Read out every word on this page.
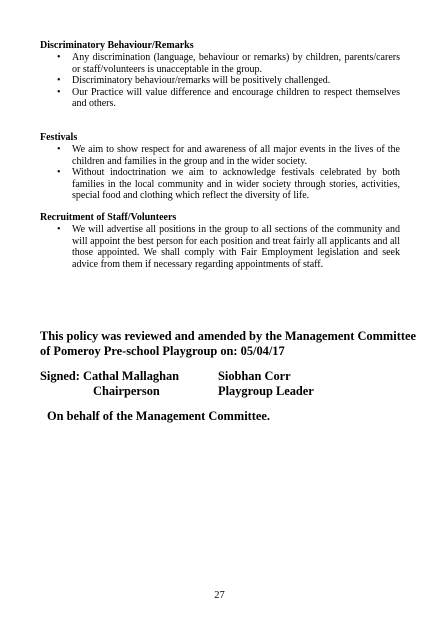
Discriminatory Behaviour/Remarks
• Any discrimination (language, behaviour or remarks) by children, parents/carers or staff/volunteers is unacceptable in the group.
• Discriminatory behaviour/remarks will be positively challenged.
• Our Practice will value difference and encourage children to respect themselves and others.
Festivals
• We aim to show respect for and awareness of all major events in the lives of the children and families in the group and in the wider society.
• Without indoctrination we aim to acknowledge festivals celebrated by both families in the local community and in wider society through stories, activities, special food and clothing which reflect the diversity of life.
Recruitment of Staff/Volunteers
• We will advertise all positions in the group to all sections of the community and will appoint the best person for each position and treat fairly all applicants and all those appointed. We shall comply with Fair Employment legislation and seek advice from them if necessary regarding appointments of staff.
This policy was reviewed and amended by the Management Committee
of Pomeroy Pre-school Playgroup on: 05/04/17
Signed: Cathal Mallaghan	Siobhan Corr
Chairperson	Playgroup Leader
On behalf of the Management Committee.
27
